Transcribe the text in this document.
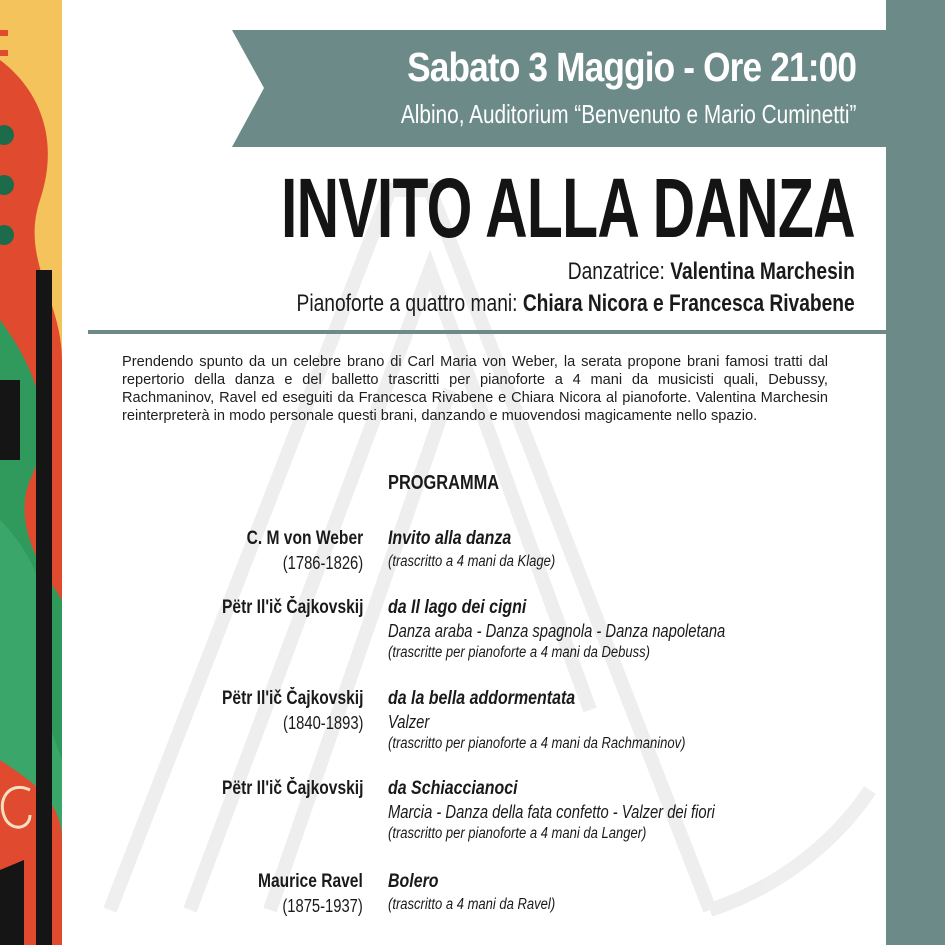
Sabato 3 Maggio - Ore 21:00
Albino, Auditorium “Benvenuto e Mario Cuminetti”
INVITO ALLA DANZA
Danzatrice: Valentina Marchesin
Pianoforte a quattro mani: Chiara Nicora e Francesca Rivabene

Prendendo spunto da un celebre brano di Carl Maria von Weber, la serata propone brani famosi tratti dal repertorio della danza e del balletto trascritti per pianoforte a 4 mani da musicisti quali, Debussy, Rachmaninov, Ravel ed eseguiti da Francesca Rivabene e Chiara Nicora al pianoforte. Valentina Marchesin reinterpreterà in modo personale questi brani, danzando e muovendosi magicamente nello spazio.

PROGRAMMA
C. M von Weber
(1786-1826)
Invito alla danza
(trascritto a 4 mani da Klage)
Pëtr Il'ič Čajkovskij da Il lago dei cigni
Danza araba - Danza spagnola - Danza napoletana
(trascritte per pianoforte a 4 mani da Debuss)
Pëtr Il'ič Čajkovskij
(1840-1893)
da la bella addormentata
Valzer
(trascritto per pianoforte a 4 mani da Rachmaninov)
Pëtr Il'ič Čajkovskij da Schiaccianoci
Marcia - Danza della fata confetto - Valzer dei fiori
(trascritto per pianoforte a 4 mani da Langer)
Maurice Ravel
(1875-1937)
Bolero
(trascritto a 4 mani da Ravel)
